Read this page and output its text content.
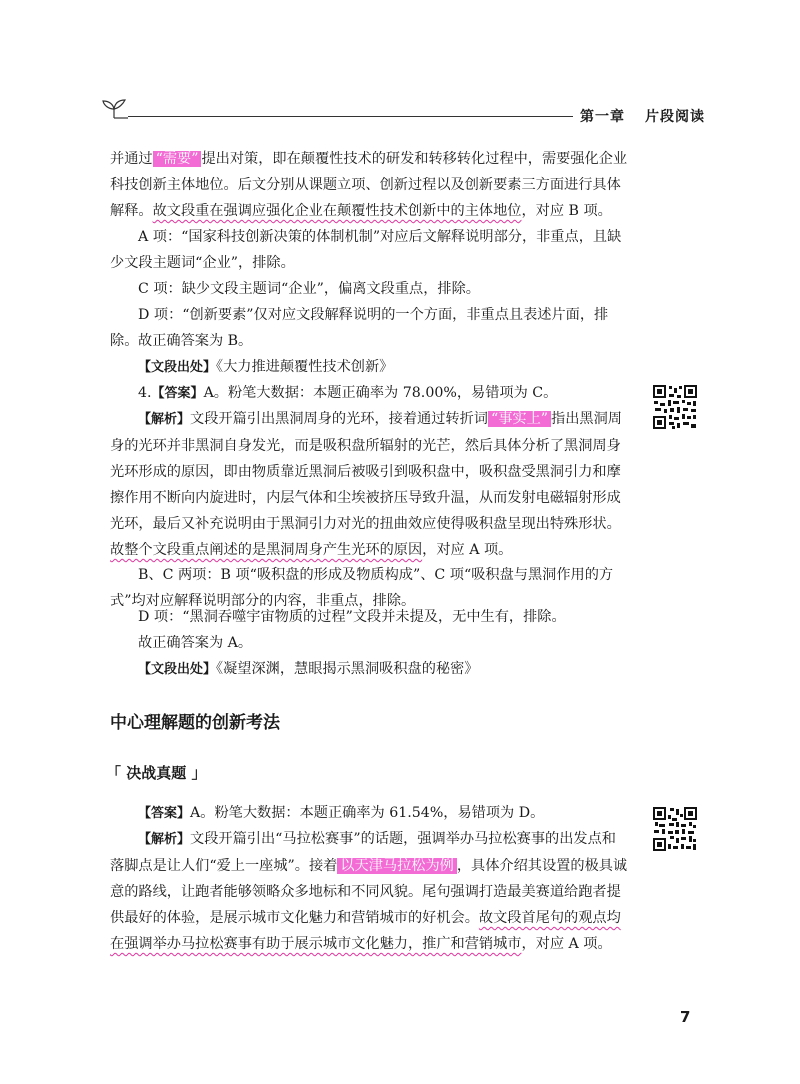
第一章 片段阅读

并通过 “需要” 提出对策，即在颠覆性技术的研发和转移转化过程中，需要强化企业科技创新主体地位。后文分别从课题立项、创新过程以及创新要素三方面进行具体解释。故文段重在强调应强化企业在颠覆性技术创新中的主体地位，对应 B 项。

A 项：“国家科技创新决策的体制机制”对应后文解释说明部分，非重点，且缺少文段主题词“企业”，排除。

C 项：缺少文段主题词“企业”，偏离文段重点，排除。

D 项：“创新要素”仅对应文段解释说明的一个方面，非重点且表述片面，排除。 故正确答案为 B。

【文段出处】《大力推进颠覆性技术创新》

4.【答案】A。粉笔大数据：本题正确率为 78.00%，易错项为 C。

【解析】文段开篇引出黑洞周身的光环，接着通过转折词 “事实上” 指出黑洞周身的光环并非黑洞自身发光，而是吸积盘所辐射的光芒，然后具体分析了黑洞周身光环形成的原因，即由物质靠近黑洞后被吸引到吸积盘中，吸积盘受黑洞引力和摩擦作用不断向内旋进时，内层气体和尘埃被挤压导致升温，从而发射电磁辐射形成光环，最后又补充说明由于黑洞引力对光的扭曲效应使得吸积盘呈现出特殊形状。故整个文段重点阐述的是黑洞周身产生光环的原因，对应 A 项。

B、C 两项：B 项“吸积盘的形成及物质构成”、C 项“吸积盘与黑洞作用的方式”均对应解释说明部分的内容，非重点，排除。

D 项：“黑洞吞噬宇宙物质的过程”文段并未提及，无中生有，排除。

故正确答案为 A。

【文段出处】《凝望深渊，慧眼揭示黑洞吸积盘的秘密》

中心理解题的创新考法
「 决战真题 」

【答案】A。粉笔大数据：本题正确率为 61.54%，易错项为 D。

【解析】文段开篇引出“马拉松赛事”的话题，强调举办马拉松赛事的出发点和落脚点是让人们“爱上一座城”。接着 以天津马拉松为例 ，具体介绍其设置的极具诚意的路线，让跑者能够领略众多地标和不同风貌。尾句强调打造最美赛道给跑者提供最好的体验，是展示城市文化魅力和营销城市的好机会。故文段首尾句的观点均在强调举办马拉松赛事有助于展示城市文化魅力，推广和营销城市，对应 A 项。

7
